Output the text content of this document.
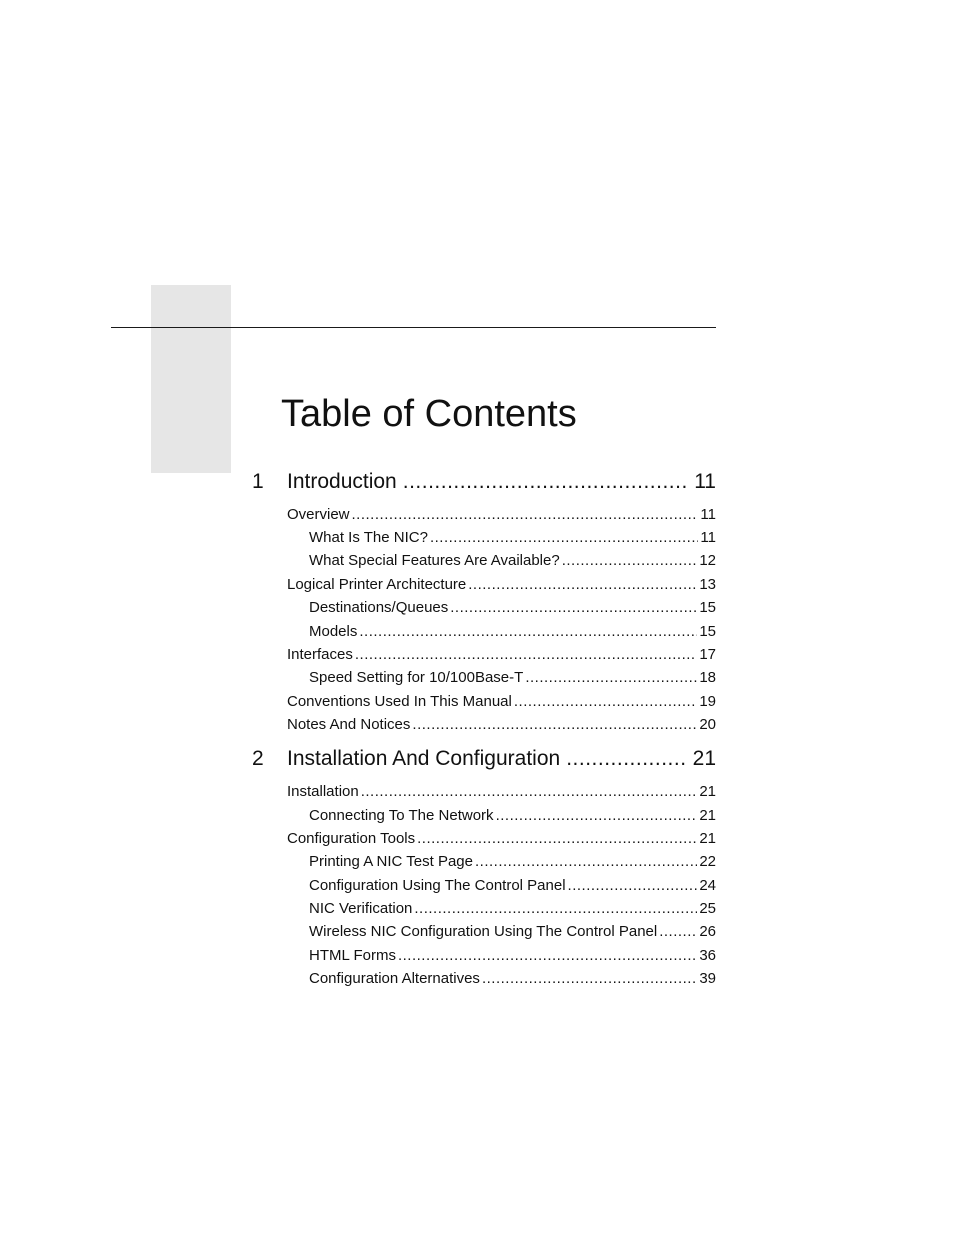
Table of Contents
1	Introduction .....	11
Overview .....	11
What Is The NIC? .....	11
What Special Features Are Available? .....	12
Logical Printer Architecture .....	13
Destinations/Queues .....	15
Models .....	15
Interfaces .....	17
Speed Setting for 10/100Base-T .....	18
Conventions Used In This Manual .....	19
Notes And Notices .....	20
2	Installation And Configuration .....	21
Installation .....	21
Connecting To The Network .....	21
Configuration Tools .....	21
Printing A NIC Test Page .....	22
Configuration Using The Control Panel .....	24
NIC Verification .....	25
Wireless NIC Configuration Using The Control Panel .....	26
HTML Forms .....	36
Configuration Alternatives .....	39
